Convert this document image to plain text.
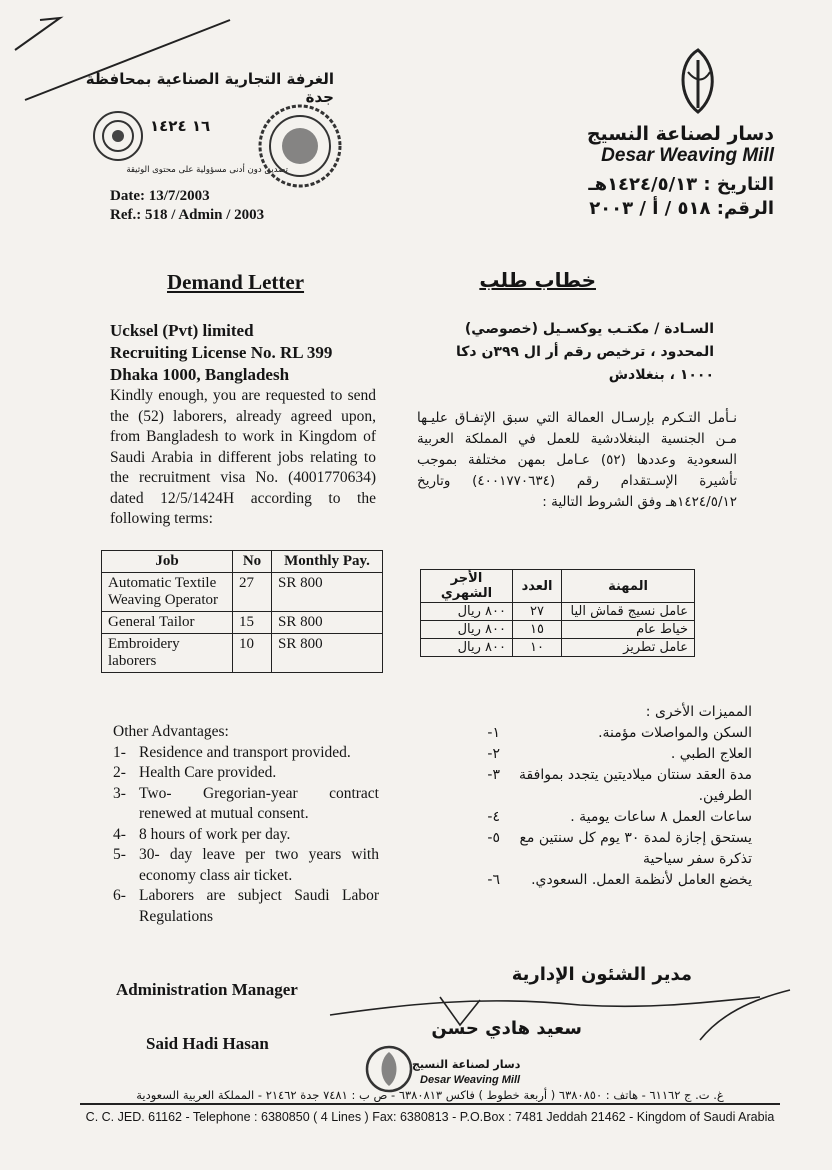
الغرفة التجارية الصناعية بمحافظة جدة
١٦ ١٤٢٤
تصديق دون أدنى مسؤولية على محتوى الوثيقة
Date: 13/7/2003
Ref.: 518 / Admin / 2003
دسار لصناعة النسيج
Desar Weaving Mill
التاريخ : ١٤٢٤/٥/١٣هـ
الرقم: ٥١٨ / أ / ٢٠٠٣
Demand Letter	خطاب طلب
Ucksel (Pvt) limited
Recruiting License No. RL 399
Dhaka 1000, Bangladesh
Kindly enough, you are requested to send the (52) laborers, already agreed upon, from Bangladesh to work in Kingdom of Saudi Arabia in different jobs relating to the recruitment visa No. (4001770634) dated 12/5/1424H according to the following terms:
السـادة / مكتـب يوكسـيل (خصوصي)
المحدود ، ترخيص رقم أر ال ٣٩٩ن دكا
١٠٠٠ ، بنغلادش
نـأمل التـكرم بإرسـال العمالة التي سبق الإتفـاق عليـها مـن الجنسية البنغلادشية للعمل في المملكة العربية السعودية وعددها (٥٢) عـامل بمهن مختلفة بموجب تأشيرة الإسـتقدام رقم (٤٠٠١٧٧٠٦٣٤) وتاريخ ١٤٢٤/٥/١٢هـ وفق الشروط التالية :
Job	No	Monthly Pay.
Automatic Textile Weaving Operator	27	SR 800
General Tailor	15	SR 800
Embroidery laborers	10	SR 800
الأجر الشهري	العدد	المهنة
٨٠٠ ريال	٢٧	عامل نسيج قماش اليا
٨٠٠ ريال	١٥	خياط عام
٨٠٠ ريال	١٠	عامل تطريز
Other Advantages:
1- Residence and transport provided.
2- Health Care provided.
3- Two- Gregorian-year contract renewed at mutual consent.
4- 8 hours of work per day.
5- 30- day leave per two years with economy class air ticket.
6- Laborers are subject Saudi Labor Regulations
المميزات الأخرى :
١-	السكن والمواصلات مؤمنة.
٢-	العلاج الطبي .
٣-	مدة العقد سنتان ميلاديتين يتجدد بموافقة الطرفين.
٤-	ساعات العمل ٨ ساعات يومية .
٥-	يستحق إجازة لمدة ٣٠ يوم كل سنتين مع تذكرة سفر سياحية
٦-	يخضع العامل لأنظمة العمل. السعودي.
Administration Manager
Said Hadi Hasan
مدير الشئون الإدارية
سعيد هادي حسن
دسار لصناعة النسيج
Desar Weaving Mill
غ. ت. ج ٦١١٦٢ - هاتف : ٦٣٨٠٨٥٠ ( أربعة خطوط ) فاكس ٦٣٨٠٨١٣ - ص ب : ٧٤٨١ جدة ٢١٤٦٢ - المملكة العربية السعودية
C. C. JED. 61162 - Telephone : 6380850 ( 4 Lines ) Fax: 6380813 - P.O.Box : 7481 Jeddah 21462 - Kingdom of Saudi Arabia
